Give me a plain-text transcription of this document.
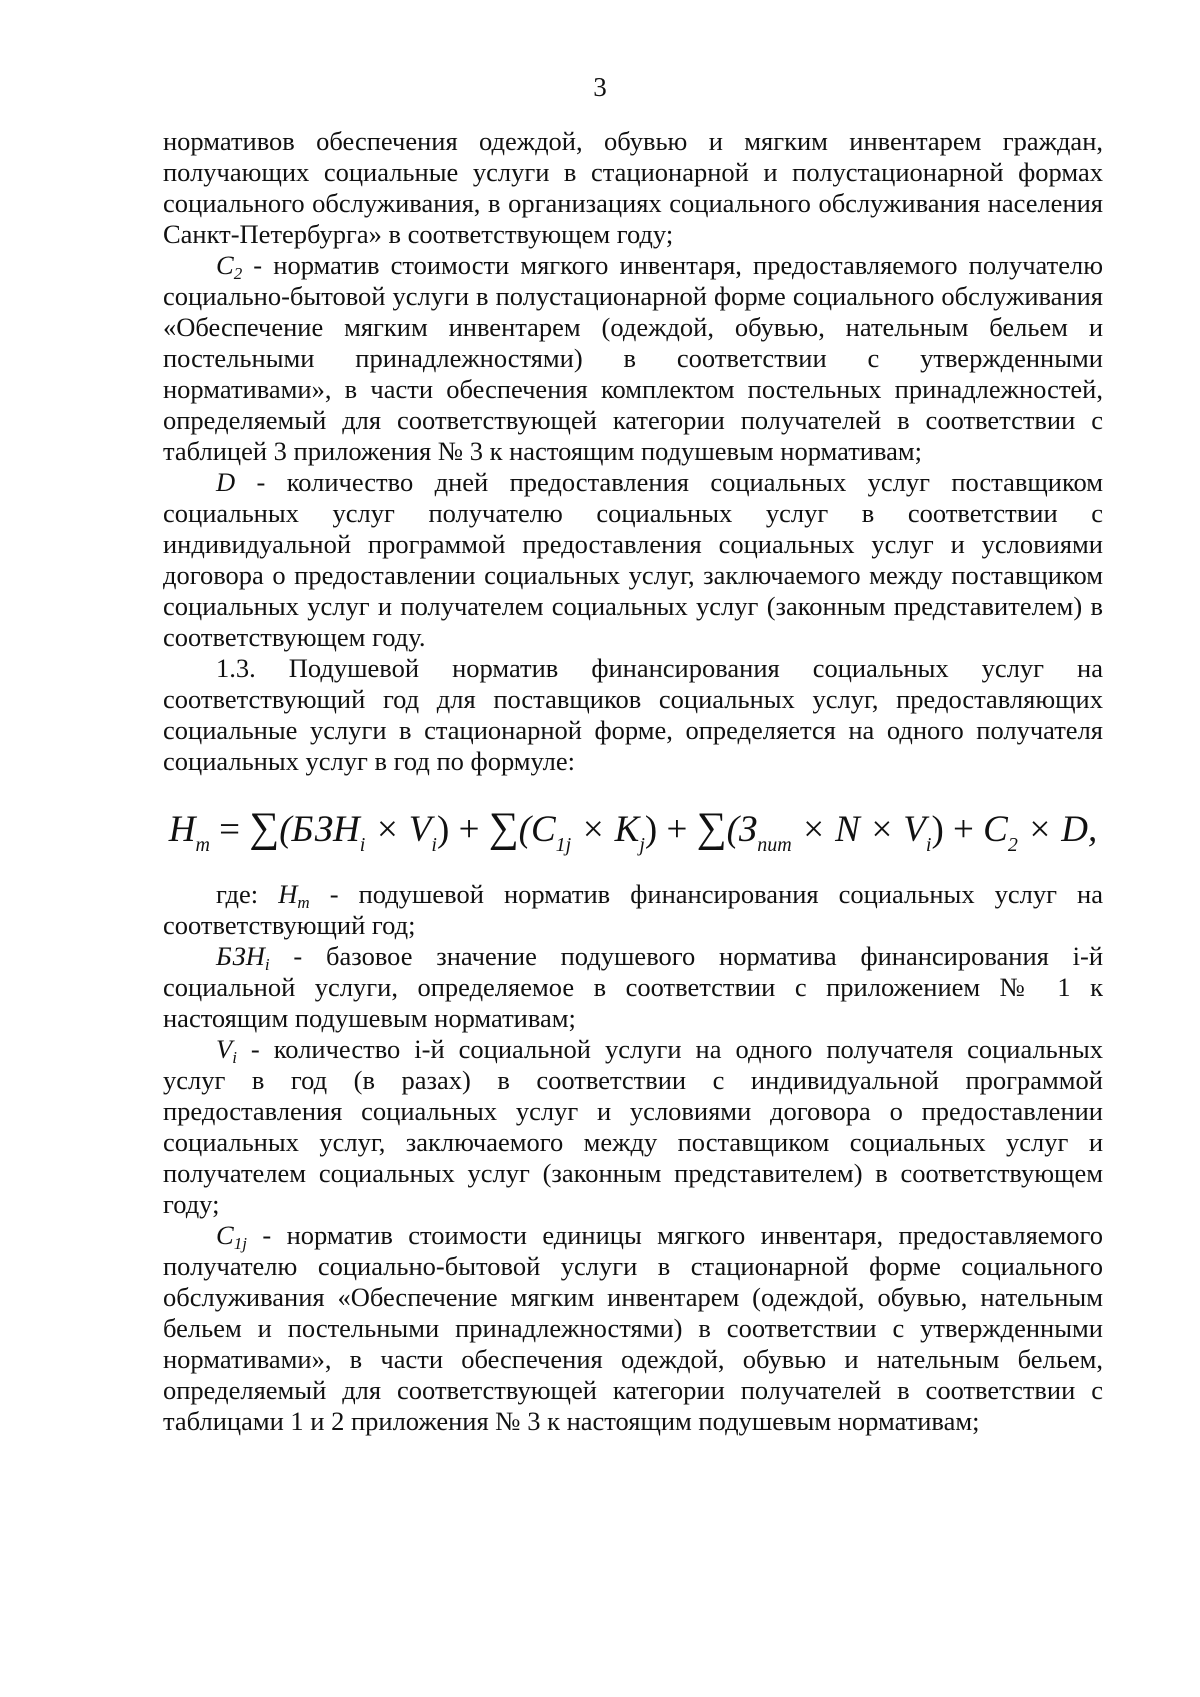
3

нормативов обеспечения одеждой, обувью и мягким инвентарем граждан, получающих социальные услуги в стационарной и полустационарной формах социального обслуживания, в организациях социального обслуживания населения Санкт-Петербурга» в соответствующем году;

$C_2$ - норматив стоимости мягкого инвентаря, предоставляемого получателю социально-бытовой услуги в полустационарной форме социального обслуживания «Обеспечение мягким инвентарем (одеждой, обувью, нательным бельем и постельными принадлежностями) в соответствии с утвержденными нормативами», в части обеспечения комплектом постельных принадлежностей, определяемый для соответствующей категории получателей в соответствии с таблицей 3 приложения № 3 к настоящим подушевым нормативам;

D - количество дней предоставления социальных услуг поставщиком социальных услуг получателю социальных услуг в соответствии с индивидуальной программой предоставления социальных услуг и условиями договора о предоставлении социальных услуг, заключаемого между поставщиком социальных услуг и получателем социальных услуг (законным представителем) в соответствующем году.

1.3. Подушевой норматив финансирования социальных услуг на соответствующий год для поставщиков социальных услуг, предоставляющих социальные услуги в стационарной форме, определяется на одного получателя социальных услуг в год по формуле:

$H_m = \sum(БЗН_i \times V_i) + \sum(C_{1j} \times K_j) + \sum(З_{пит} \times N \times V_i) + C_2 \times D$,

где: $H_m$ - подушевой норматив финансирования социальных услуг на соответствующий год;

$БЗН_i$ - базовое значение подушевого норматива финансирования i-й социальной услуги, определяемое в соответствии с приложением № 1 к настоящим подушевым нормативам;

$V_i$ - количество i-й социальной услуги на одного получателя социальных услуг в год (в разах) в соответствии с индивидуальной программой предоставления социальных услуг и условиями договора о предоставлении социальных услуг, заключаемого между поставщиком социальных услуг и получателем социальных услуг (законным представителем) в соответствующем году;

$C_{1j}$ - норматив стоимости единицы мягкого инвентаря, предоставляемого получателю социально-бытовой услуги в стационарной форме социального обслуживания «Обеспечение мягким инвентарем (одеждой, обувью, нательным бельем и постельными принадлежностями) в соответствии с утвержденными нормативами», в части обеспечения одеждой, обувью и нательным бельем, определяемый для соответствующей категории получателей в соответствии с таблицами 1 и 2 приложения № 3 к настоящим подушевым нормативам;
